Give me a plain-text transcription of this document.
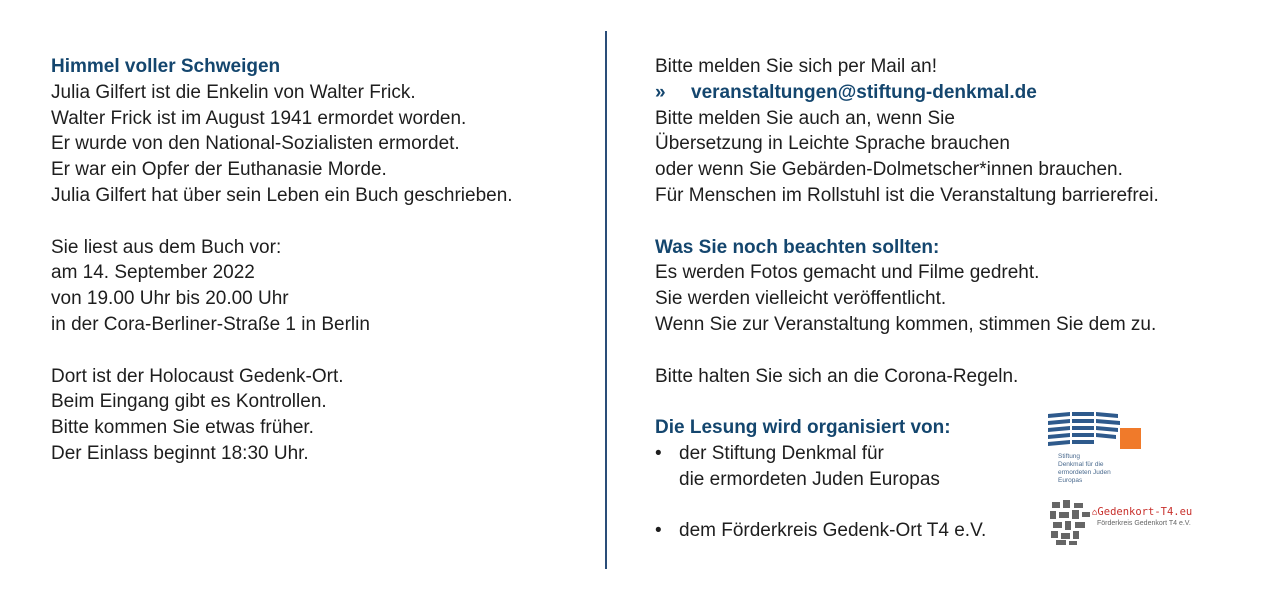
Himmel voller Schweigen
Julia Gilfert ist die Enkelin von Walter Frick.
Walter Frick ist im August 1941 ermordet worden.
Er wurde von den National-Sozialisten ermordet.
Er war ein Opfer der Euthanasie Morde.
Julia Gilfert hat über sein Leben ein Buch geschrieben.
Sie liest aus dem Buch vor:
am 14. September 2022
von 19.00 Uhr bis 20.00 Uhr
in der Cora-Berliner-Straße 1 in Berlin
Dort ist der Holocaust Gedenk-Ort.
Beim Eingang gibt es Kontrollen.
Bitte kommen Sie etwas früher.
Der Einlass beginnt 18:30 Uhr.
Bitte melden Sie sich per Mail an!
» veranstaltungen@stiftung-denkmal.de
Bitte melden Sie auch an, wenn Sie
Übersetzung in Leichte Sprache brauchen
oder wenn Sie Gebärden-Dolmetscher*innen brauchen.
Für Menschen im Rollstuhl ist die Veranstaltung barrierefrei.
Was Sie noch beachten sollten:
Es werden Fotos gemacht und Filme gedreht.
Sie werden vielleicht veröffentlicht.
Wenn Sie zur Veranstaltung kommen, stimmen Sie dem zu.
Bitte halten Sie sich an die Corona-Regeln.
Die Lesung wird organisiert von:
• der Stiftung Denkmal für
die ermordeten Juden Europas
• dem Förderkreis Gedenk-Ort T4 e.V.
Stiftung
Denkmal für die
ermordeten Juden
Europas
⌂Gedenkort-T4.eu
Förderkreis Gedenkort T4 e.V.
